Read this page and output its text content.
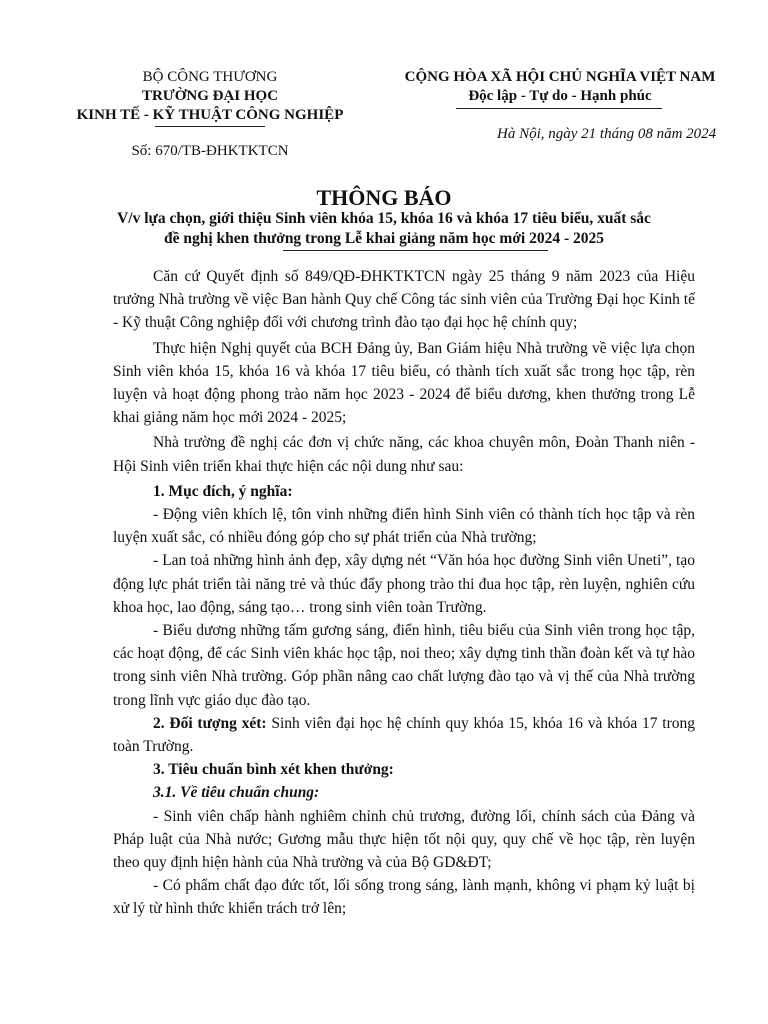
BỘ CÔNG THƯƠNG
TRƯỜNG ĐẠI HỌC
KINH TẾ - KỸ THUẬT CÔNG NGHIỆP
Số: 670/TB-ĐHKTKTCN
CỘNG HÒA XÃ HỘI CHỦ NGHĨA VIỆT NAM
Độc lập - Tự do - Hạnh phúc
Hà Nội, ngày 21 tháng 08 năm 2024
THÔNG BÁO
V/v lựa chọn, giới thiệu Sinh viên khóa 15, khóa 16 và khóa 17 tiêu biểu, xuất sắc
đề nghị khen thưởng trong Lễ khai giảng năm học mới 2024 - 2025

Căn cứ Quyết định số 849/QĐ-ĐHKTKTCN ngày 25 tháng 9 năm 2023 của Hiệu trưởng Nhà trường về việc Ban hành Quy chế Công tác sinh viên của Trường Đại học Kinh tế - Kỹ thuật Công nghiệp đối với chương trình đào tạo đại học hệ chính quy;

Thực hiện Nghị quyết của BCH Đảng ủy, Ban Giám hiệu Nhà trường về việc lựa chọn Sinh viên khóa 15, khóa 16 và khóa 17 tiêu biểu, có thành tích xuất sắc trong học tập, rèn luyện và hoạt động phong trào năm học 2023 - 2024 để biểu dương, khen thưởng trong Lễ khai giảng năm học mới 2024 - 2025;

Nhà trường đề nghị các đơn vị chức năng, các khoa chuyên môn, Đoàn Thanh niên - Hội Sinh viên triển khai thực hiện các nội dung như sau:

1. Mục đích, ý nghĩa:

- Động viên khích lệ, tôn vinh những điển hình Sinh viên có thành tích học tập và rèn luyện xuất sắc, có nhiều đóng góp cho sự phát triển của Nhà trường;

- Lan toả những hình ảnh đẹp, xây dựng nét “Văn hóa học đường Sinh viên Uneti”, tạo động lực phát triển tài năng trẻ và thúc đẩy phong trào thi đua học tập, rèn luyện, nghiên cứu khoa học, lao động, sáng tạo… trong sinh viên toàn Trường.

- Biểu dương những tấm gương sáng, điển hình, tiêu biểu của Sinh viên trong học tập, các hoạt động, để các Sinh viên khác học tập, noi theo; xây dựng tinh thần đoàn kết và tự hào trong sinh viên Nhà trường. Góp phần nâng cao chất lượng đào tạo và vị thế của Nhà trường trong lĩnh vực giáo dục đào tạo.

2. Đối tượng xét: Sinh viên đại học hệ chính quy khóa 15, khóa 16 và khóa 17 trong toàn Trường.

3. Tiêu chuẩn bình xét khen thưởng:

3.1. Về tiêu chuẩn chung:

- Sinh viên chấp hành nghiêm chỉnh chủ trương, đường lối, chính sách của Đảng và Pháp luật của Nhà nước; Gương mẫu thực hiện tốt nội quy, quy chế về học tập, rèn luyện theo quy định hiện hành của Nhà trường và của Bộ GD&ĐT;

- Có phẩm chất đạo đức tốt, lối sống trong sáng, lành mạnh, không vi phạm kỷ luật bị xử lý từ hình thức khiển trách trở lên;
